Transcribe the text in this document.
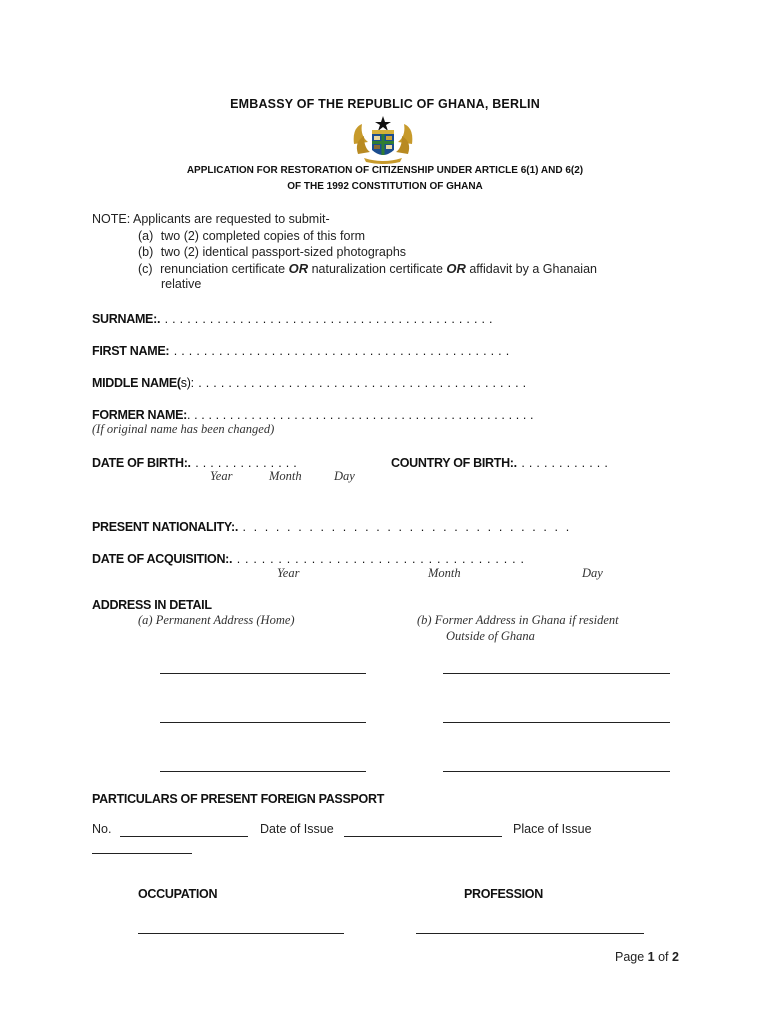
EMBASSY OF THE REPUBLIC OF GHANA, BERLIN
APPLICATION FOR RESTORATION OF CITIZENSHIP UNDER ARTICLE 6(1) AND 6(2)
OF THE 1992 CONSTITUTION OF GHANA
NOTE: Applicants are requested to submit-
(a) two (2) completed copies of this form
(b) two (2) identical passport-sized photographs
(c) renunciation certificate OR naturalization certificate OR affidavit by a Ghanaian
relative
SURNAME:. . . . . . . . . . . . . . . . . . . . . . . . . . . . . . . . . . . . . . . . . . . . .
FIRST NAME: . . . . . . . . . . . . . . . . . . . . . . . . . . . . . . . . . . . . . . . . . . . . .
MIDDLE NAME(s): . . . . . . . . . . . . . . . . . . . . . . . . . . . . . . . . . . . . . . . . . . . .
FORMER NAME:. . . . . . . . . . . . . . . . . . . . . . . . . . . . . . . . . . . . . . . . . . . . . . . . .
(If original name has been changed)
DATE OF BIRTH:. . . . . . . . . . . . . . .
Year	Month	Day
COUNTRY OF BIRTH:. . . . . . . . . . . . .
PRESENT NATIONALITY:. . . . . . . . . . . . . . . . . . . . . . . . . . . . . . .
DATE OF ACQUISITION:. . . . . . . . . . . . . . . . . . . . . . . . . . . . . . . . . . . .
Year	Month	Day
ADDRESS IN DETAIL
(a) Permanent Address (Home)	(b) Former Address in Ghana if resident
Outside of Ghana
PARTICULARS OF PRESENT FOREIGN PASSPORT
No.	Date of Issue	Place of Issue
OCCUPATION	PROFESSION
Page 1 of 2
